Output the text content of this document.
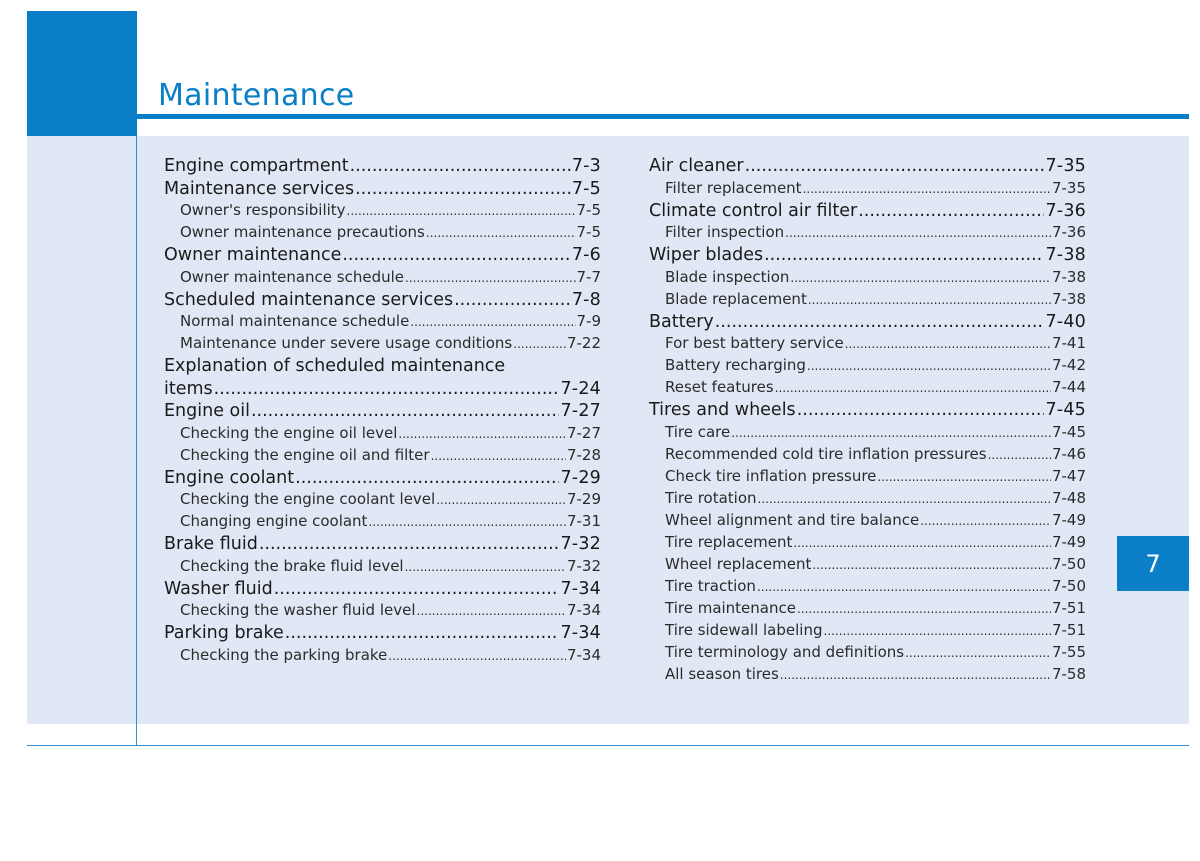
Maintenance
7
Engine compartment .....	7-3
Maintenance services .....	7-5
Owner's responsibility .....	7-5
Owner maintenance precautions .....	7-5
Owner maintenance .....	7-6
Owner maintenance schedule .....	7-7
Scheduled maintenance services .....	7-8
Normal maintenance schedule .....	7-9
Maintenance under severe usage conditions .....	7-22
Explanation of scheduled maintenance
items .....	7-24
Engine oil .....	7-27
Checking the engine oil level .....	7-27
Checking the engine oil and filter .....	7-28
Engine coolant .....	7-29
Checking the engine coolant level .....	7-29
Changing engine coolant .....	7-31
Brake fluid .....	7-32
Checking the brake fluid level .....	7-32
Washer fluid .....	7-34
Checking the washer fluid level .....	7-34
Parking brake .....	7-34
Checking the parking brake .....	7-34
Air cleaner .....	7-35
Filter replacement .....	7-35
Climate control air filter .....	7-36
Filter inspection .....	7-36
Wiper blades .....	7-38
Blade inspection .....	7-38
Blade replacement .....	7-38
Battery .....	7-40
For best battery service .....	7-41
Battery recharging .....	7-42
Reset features .....	7-44
Tires and wheels .....	7-45
Tire care .....	7-45
Recommended cold tire inflation pressures .....	7-46
Check tire inflation pressure .....	7-47
Tire rotation .....	7-48
Wheel alignment and tire balance .....	7-49
Tire replacement .....	7-49
Wheel replacement .....	7-50
Tire traction .....	7-50
Tire maintenance .....	7-51
Tire sidewall labeling .....	7-51
Tire terminology and definitions .....	7-55
All season tires .....	7-58
